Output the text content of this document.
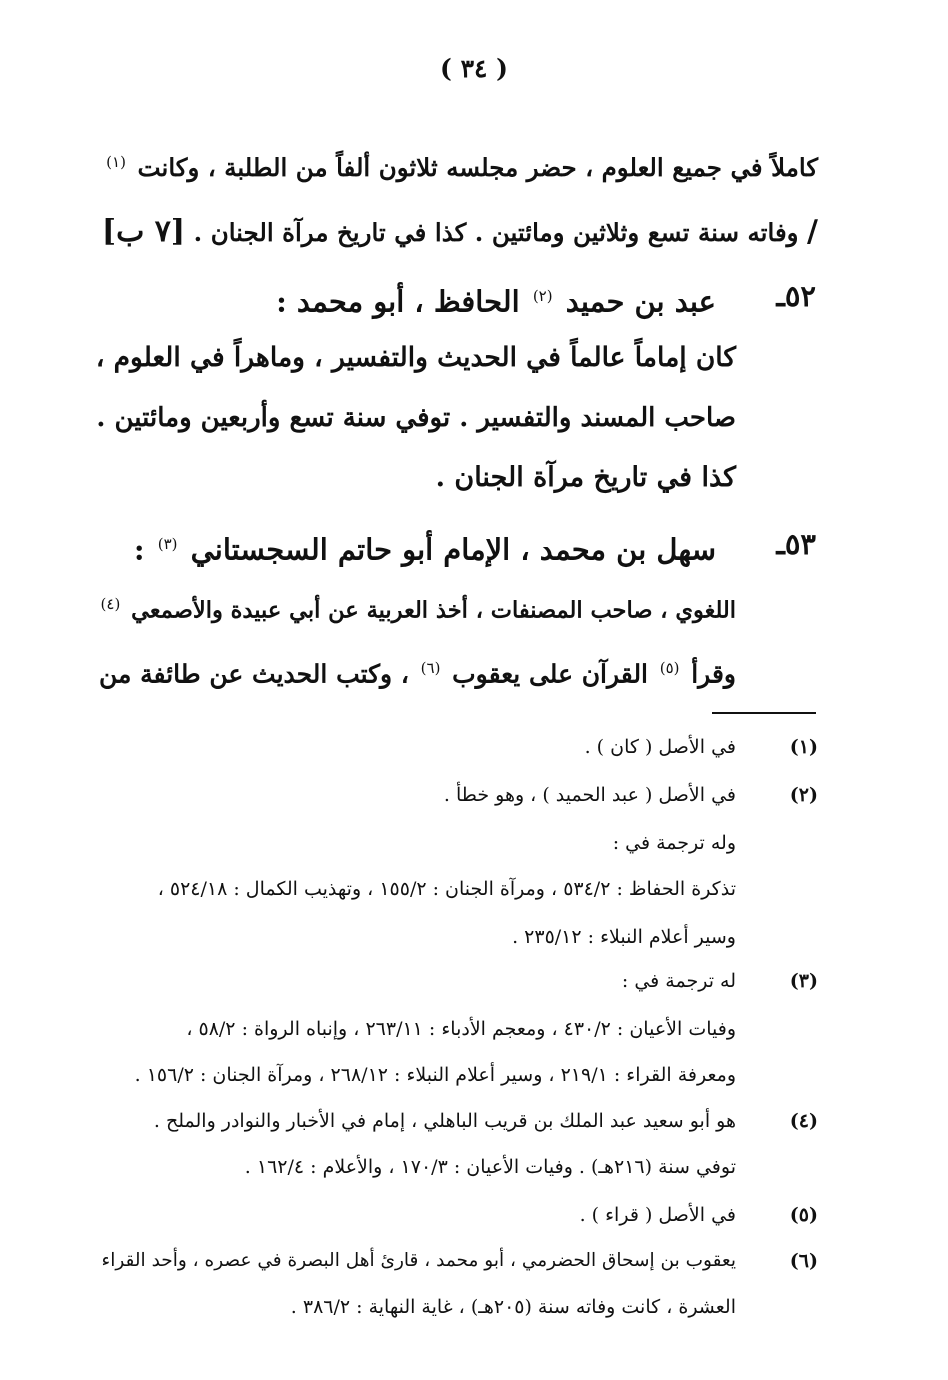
( ٣٤ )
كاملاً في جميع العلوم ، حضر مجلسه ثلاثون ألفاً من الطلبة ، وكانت $^{(١)}$
/ وفاته سنة تسع وثلاثين ومائتين . كذا في تاريخ مرآة الجنان . [٧ ب]
٥٢ـ
عبد بن حميد $^{(٢)}$ الحافظ ، أبو محمد :
كان إماماً عالماً في الحديث والتفسير ، وماهراً في العلوم ،
صاحب المسند والتفسير . توفي سنة تسع وأربعين ومائتين .
كذا في تاريخ مرآة الجنان .
٥٣ـ
سهل بن محمد ، الإمام أبو حاتم السجستاني $^{(٣)}$ :
اللغوي ، صاحب المصنفات ، أخذ العربية عن أبي عبيدة والأصمعي $^{(٤)}$
وقرأ $^{(٥)}$ القرآن على يعقوب $^{(٦)}$ ، وكتب الحديث عن طائفة من
(١)
في الأصل ( كان ) .
(٢)
في الأصل ( عبد الحميد ) ، وهو خطأ .
وله ترجمة في :
تذكرة الحفاظ : ٥٣٤/٢ ، ومرآة الجنان : ١٥٥/٢ ، وتهذيب الكمال : ٥٢٤/١٨ ،
وسير أعلام النبلاء : ٢٣٥/١٢ .
(٣)
له ترجمة في :
وفيات الأعيان : ٤٣٠/٢ ، ومعجم الأدباء : ٢٦٣/١١ ، وإنباه الرواة : ٥٨/٢ ،
ومعرفة القراء : ٢١٩/١ ، وسير أعلام النبلاء : ٢٦٨/١٢ ، ومرآة الجنان : ١٥٦/٢ .
(٤)
هو أبو سعيد عبد الملك بن قريب الباهلي ، إمام في الأخبار والنوادر والملح .
توفي سنة (٢١٦هـ) . وفيات الأعيان : ١٧٠/٣ ، والأعلام : ١٦٢/٤ .
(٥)
في الأصل ( قراء ) .
(٦)
يعقوب بن إسحاق الحضرمي ، أبو محمد ، قارئ أهل البصرة في عصره ، وأحد القراء
العشرة ، كانت وفاته سنة (٢٠٥هـ) ، غاية النهاية : ٣٨٦/٢ .
